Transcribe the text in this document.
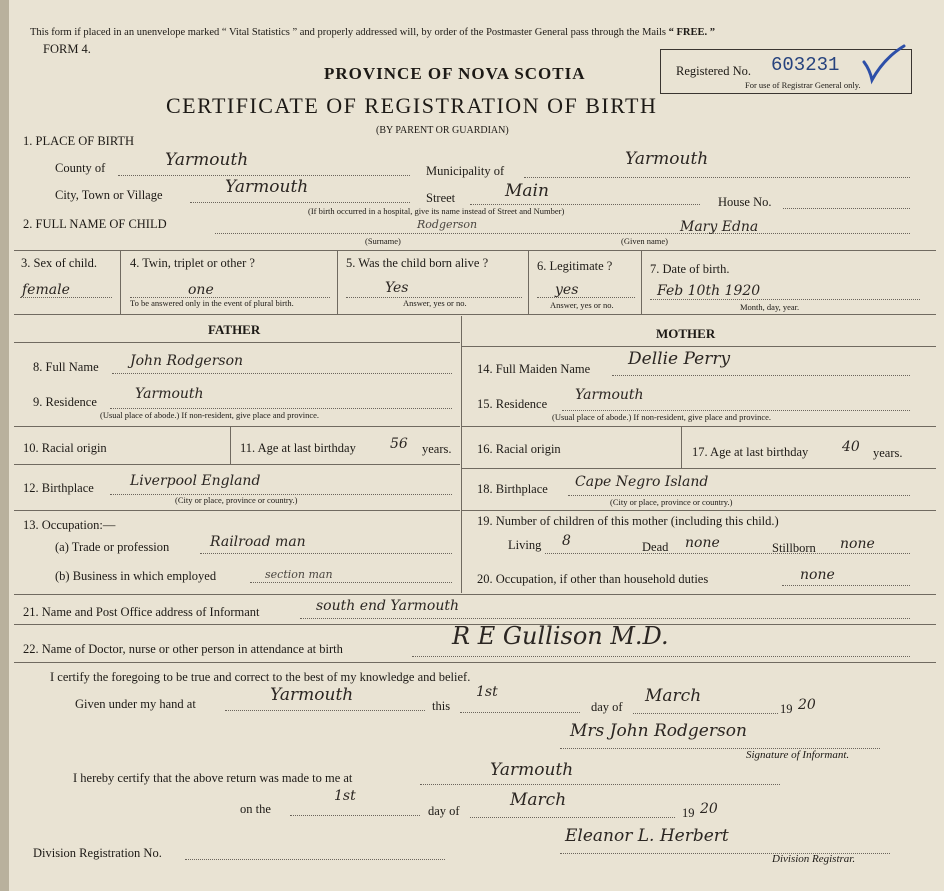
This form if placed in an unenvelope marked “ Vital Statistics ” and properly addressed will, by order of the Postmaster General pass through the Mails “ FREE. ”
FORM 4.
PROVINCE OF NOVA SCOTIA
CERTIFICATE OF REGISTRATION OF BIRTH
(BY PARENT OR GUARDIAN)
Registered No. 603231
For use of Registrar General only.
1. PLACE OF BIRTH
County of	Yarmouth
Municipality of
Yarmouth
City, Town or Village	Yarmouth
Street	Main
House No.
(If birth occurred in a hospital, give its name instead of Street and Number)
2. FULL NAME OF CHILD	Rodgerson
(Surname)
Mary Edna
(Given name)
3. Sex of child.
female
4. Twin, triplet or other ?
one
To be answered only in the event of plural birth.
5. Was the child born alive ?
Yes
Answer, yes or no.
6. Legitimate ?
yes
Answer, yes or no.
7. Date of birth.
Feb 10th 1920
Month, day, year.
FATHER	MOTHER
8. Full Name John Rodgerson
9. Residence	Yarmouth
(Usual place of abode.) If non-resident, give place and province.
10. Racial origin	11. Age at last birthday 56 years.
12. Birthplace	Liverpool England
(City or place, province or country.)
13. Occupation:—
(a) Trade or profession	Railroad man
(b) Business in which employed	section man
14. Full Maiden Name Dellie Perry
15. Residence
Yarmouth
(Usual place of abode.) If non-resident, give place and province.
16. Racial origin	17. Age at last birthday 40 years.
18. Birthplace Cape Negro Island
(City or place, province or country.)
19. Number of children of this mother (including this child.)
Living 8	Dead none	Stillborn none
20. Occupation, if other than household duties	none
21. Name and Post Office address of Informant	south end Yarmouth
22. Name of Doctor, nurse or other person in attendance at birth	R E Gullison M.D.
I certify the foregoing to be true and correct to the best of my knowledge and belief.
Given under my hand at	Yarmouth
this
1st
day of
March
19 20
Mrs John Rodgerson
Signature of Informant.
I hereby certify that the above return was made to me at	Yarmouth
on the
1st
day of
March
19 20
Eleanor L. Herbert
Division Registration No.	Division Registrar.
